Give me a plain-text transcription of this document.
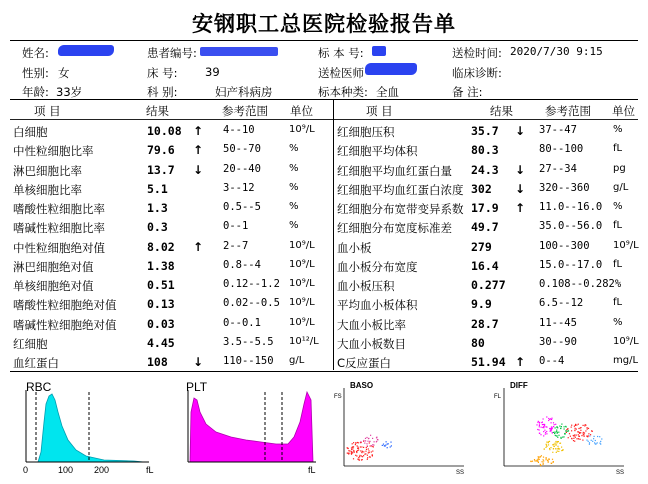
安钢职工总医院检验报告单
姓名:	患者编号:	标 本 号:	送检时间: 2020/7/30 9:15
性别: 女	床 号: 39	送检医师	临床诊断:
年龄: 33岁	科 别:	妇产科病房	标本种类: 全血	备 注:
项 目	结果	参考范围 单位	项 目	结果	参考范围 单位
白细胞	10.08 ↑ 4--10	10⁹/L
中性粒细胞比率	79.6 ↑ 50--70	%
淋巴细胞比率	13.7 ↓ 20--40	%
单核细胞比率	5.1	3--12	%
嗜酸性粒细胞比率	1.3	0.5--5	%
嗜碱性粒细胞比率	0.3	0--1	%
中性粒细胞绝对值	8.02 ↑ 2--7	10⁹/L
淋巴细胞绝对值	1.38	0.8--4	10⁹/L
单核细胞绝对值	0.51	0.12--1.2 10⁹/L
嗜酸性粒细胞绝对值	0.13	0.02--0.5 10⁹/L
嗜碱性粒细胞绝对值	0.03	0--0.1	10⁹/L
红细胞	4.45	3.5--5.5 10¹²/L
血红蛋白	108 ↓ 110--150 g/L
红细胞压积	35.7 ↓ 37--47	%
红细胞平均体积	80.3	80--100	fL
红细胞平均血红蛋白量 24.3 ↓ 27--34	pg
红细胞平均血红蛋白浓度 302 ↓ 320--360 g/L
红细胞分布宽带变异系数 17.9 ↑ 11.0--16.0 %
红细胞分布宽度标准差 49.7	35.0--56.0 fL
血小板	279	100--300 10⁹/L
血小板分布宽度	16.4	15.0--17.0 fL
血小板压积	0.277	0.108--0.282%
平均血小板体积	9.9	6.5--12	fL
大血小板比率	28.7	11--45	%
大血小板数目	80	30--90	10⁹/L
C反应蛋白	51.94 ↑ 0--4	mg/L
RBC
0	100 200	fL
PLT
fL
BASO
FS
SS
DIFF
FL
SS
